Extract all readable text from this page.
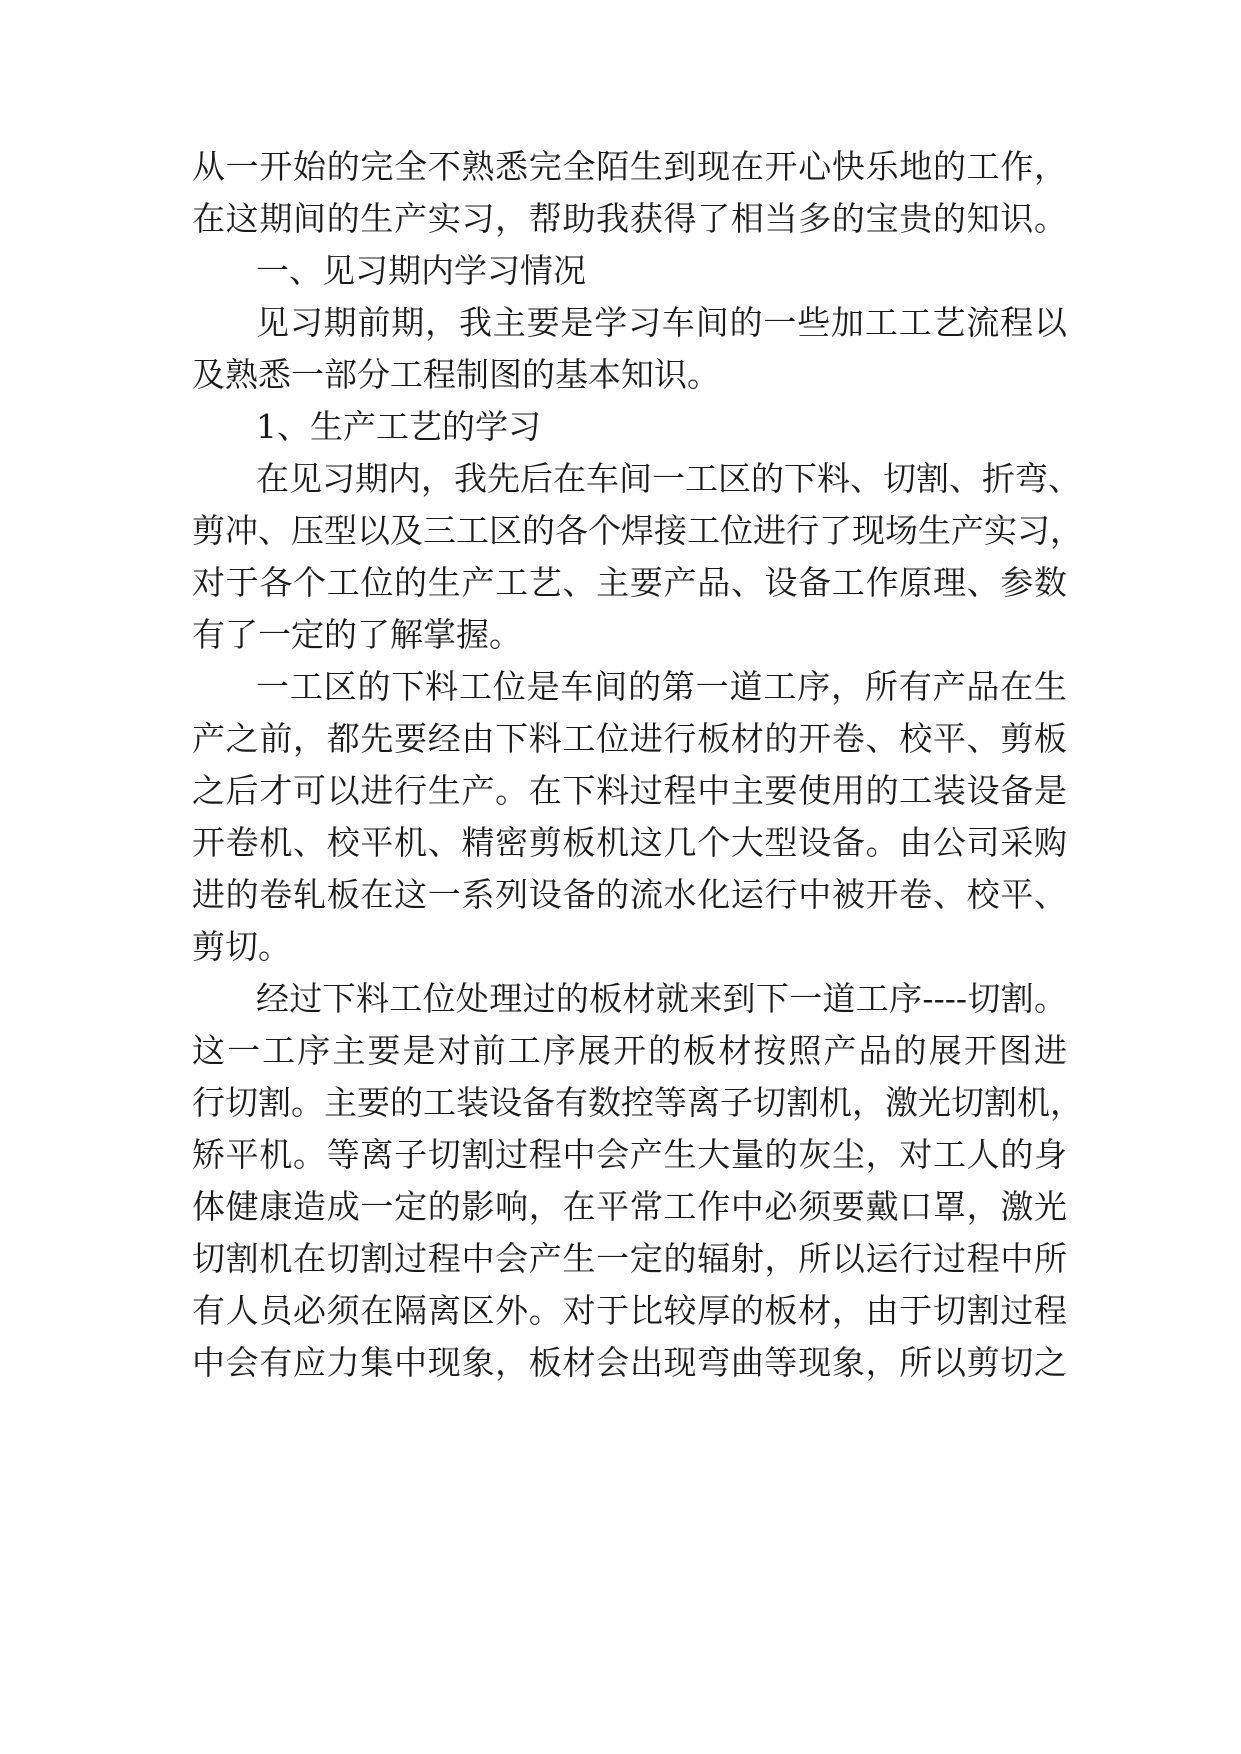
从一开始的完全不熟悉完全陌生到现在开心快乐地的工作，

在这期间的生产实习，帮助我获得了相当多的宝贵的知识。

一、见习期内学习情况

见习期前期，我主要是学习车间的一些加工工艺流程以

及熟悉一部分工程制图的基本知识。

1、生产工艺的学习

在见习期内，我先后在车间一工区的下料、切割、折弯、

剪冲、压型以及三工区的各个焊接工位进行了现场生产实习，

对于各个工位的生产工艺、主要产品、设备工作原理、参数

有了一定的了解掌握。

一工区的下料工位是车间的第一道工序，所有产品在生

产之前，都先要经由下料工位进行板材的开卷、校平、剪板

之后才可以进行生产。在下料过程中主要使用的工装设备是

开卷机、校平机、精密剪板机这几个大型设备。由公司采购

进的卷轧板在这一系列设备的流水化运行中被开卷、校平、

剪切。

经过下料工位处理过的板材就来到下一道工序----切割。

这一工序主要是对前工序展开的板材按照产品的展开图进

行切割。主要的工装设备有数控等离子切割机，激光切割机，

矫平机。等离子切割过程中会产生大量的灰尘，对工人的身

体健康造成一定的影响，在平常工作中必须要戴口罩，激光

切割机在切割过程中会产生一定的辐射，所以运行过程中所

有人员必须在隔离区外。对于比较厚的板材，由于切割过程

中会有应力集中现象，板材会出现弯曲等现象，所以剪切之
